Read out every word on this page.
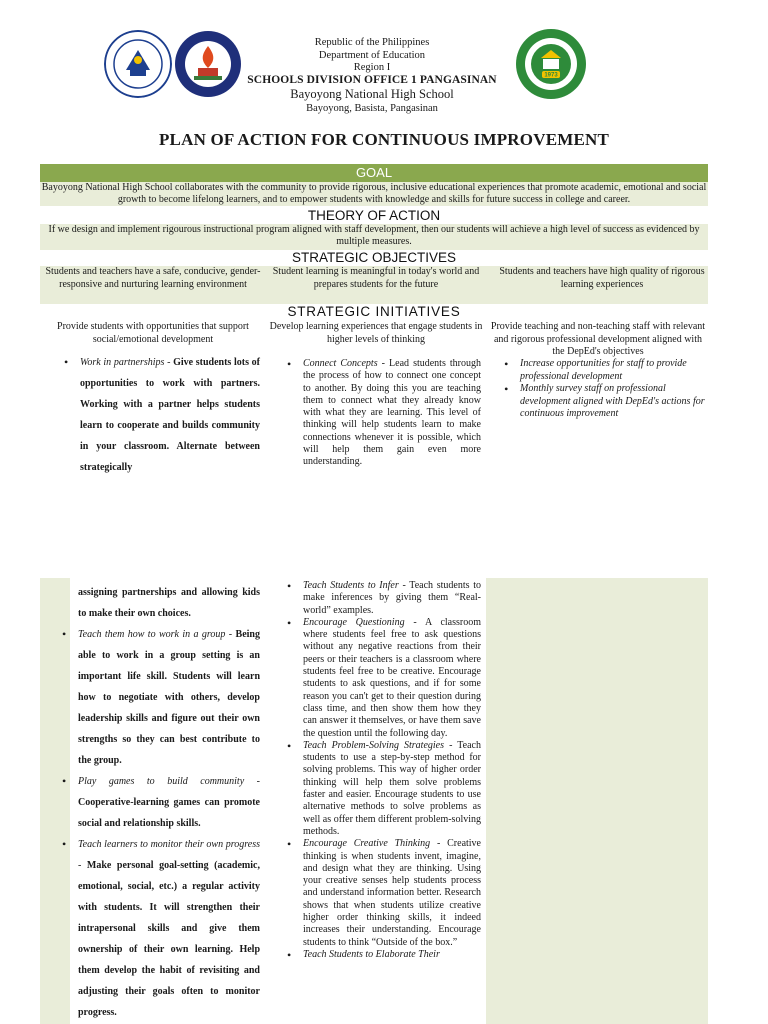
1973
Republic of the Philippines
Department of Education
Region I
SCHOOLS DIVISION OFFICE 1 PANGASINAN
Bayoyong National High School
Bayoyong, Basista, Pangasinan
PLAN OF ACTION FOR CONTINUOUS IMPROVEMENT
GOAL
Bayoyong National High School collaborates with the community to provide rigorous, inclusive educational experiences that promote academic, emotional and social growth to become lifelong learners, and to empower students with knowledge and skills for future success in college and career.
THEORY OF ACTION
If we design and implement rigourous instructional program aligned with staff development, then our students will achieve a high level of success as evidenced by multiple measures.
STRATEGIC OBJECTIVES
Students and teachers have a safe, conducive, gender-responsive and nurturing learning environment
Student learning is meaningful in today's world and prepares students for the future
Students and teachers have high quality of rigorous learning experiences
STRATEGIC INITIATIVES
Provide students with opportunities that support social/emotional development
Develop learning experiences that engage students in higher levels of thinking
Provide teaching and non-teaching staff with relevant and rigorous professional development aligned with the DepEd's objectives
• Work in partnerships - Give students lots of opportunities to work with partners. Working with a partner helps students learn to cooperate and builds community in your classroom. Alternate between strategically
• Connect Concepts - Lead students through the process of how to connect one concept to another. By doing this you are teaching them to connect what they already know with what they are learning. This level of thinking will help students learn to make connections whenever it is possible, which will help them gain even more understanding.
• Increase opportunities for staff to provide professional development
• Monthly survey staff on professional development aligned with DepEd's actions for continuous improvement

assigning partnerships and allowing kids to make their own choices.

• Teach them how to work in a group - Being able to work in a group setting is an important life skill. Students will learn how to negotiate with others, develop leadership skills and figure out their own strengths so they can best contribute to the group.
• Play games to build community - Cooperative-learning games can promote social and relationship skills.
• Teach learners to monitor their own progress - Make personal goal-setting (academic, emotional, social, etc.) a regular activity with students. It will strengthen their intrapersonal skills and give them ownership of their own learning. Help them develop the habit of revisiting and adjusting their goals often to monitor progress.
• Teach Students to Infer - Teach students to make inferences by giving them “Real-world” examples.
• Encourage Questioning - A classroom where students feel free to ask questions without any negative reactions from their peers or their teachers is a classroom where students feel free to be creative. Encourage students to ask questions, and if for some reason you can't get to their question during class time, and then show them how they can answer it themselves, or have them save the question until the following day.
• Teach Problem-Solving Strategies - Teach students to use a step-by-step method for solving problems. This way of higher order thinking will help them solve problems faster and easier. Encourage students to use alternative methods to solve problems as well as offer them different problem-solving methods.
• Encourage Creative Thinking - Creative thinking is when students invent, imagine, and design what they are thinking. Using your creative senses help students process and understand information better. Research shows that when students utilize creative higher order thinking skills, it indeed increases their understanding. Encourage students to think “Outside of the box.”
• Teach Students to Elaborate Their
